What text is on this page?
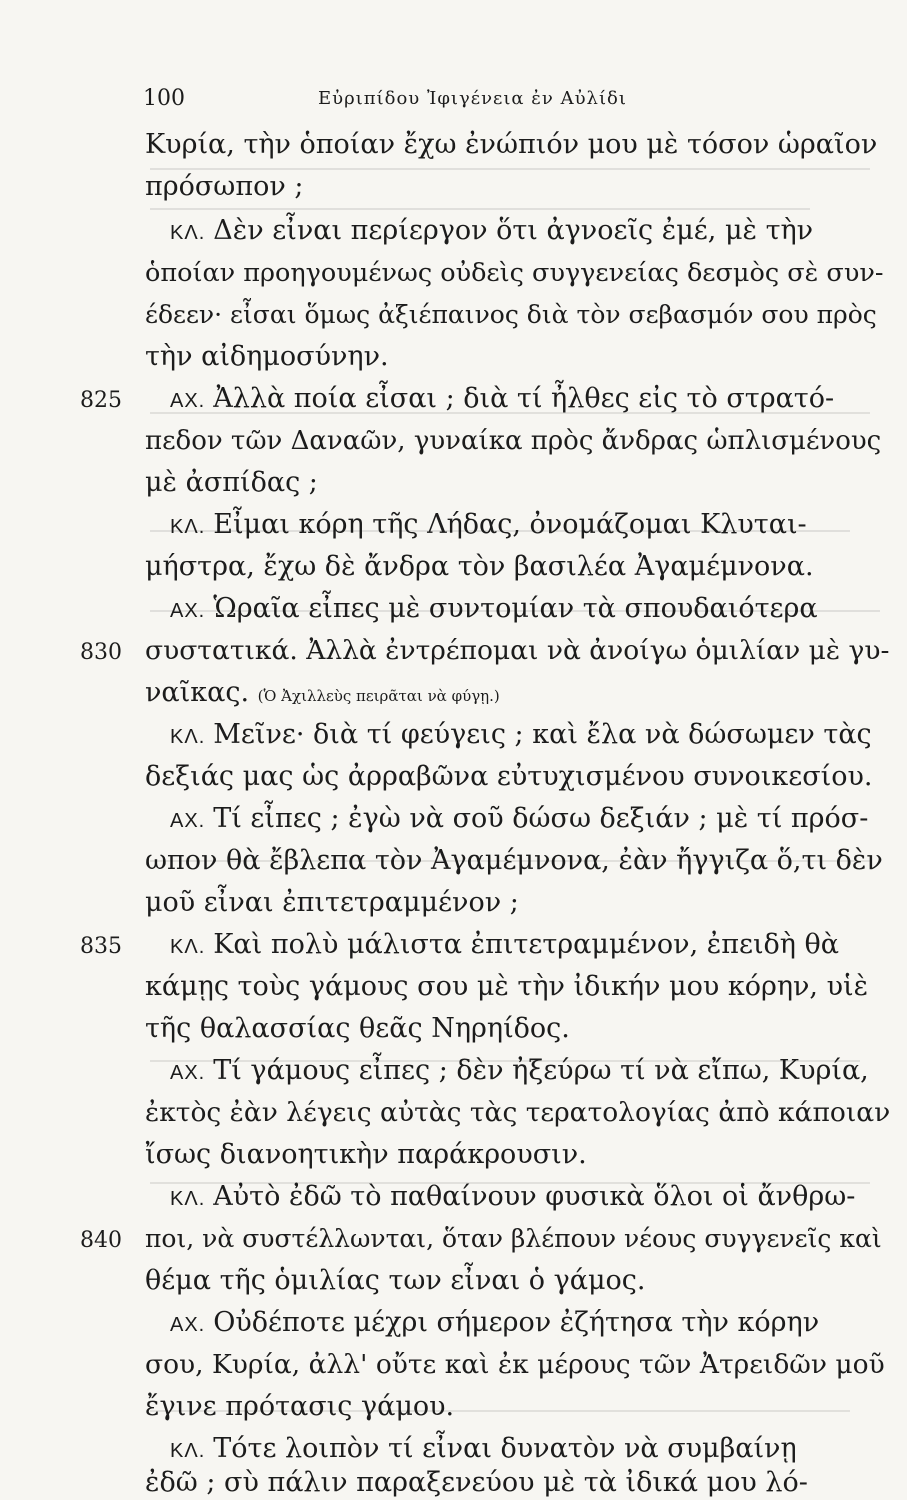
100	Εὐριπίδου Ἰφιγένεια ἐν Αὐλίδι
Κυρία, τὴν ὁποίαν ἔχω ἐνώπιόν μου μὲ τόσον ὡραῖον
πρόσωπον ;
ΚΛ. Δὲν εἶναι περίεργον ὅτι ἀγνοεῖς ἐμέ, μὲ τὴν
ὁποίαν προηγουμένως οὐδεὶς συγγενείας δεσμὸς σὲ συν-
έδεεν· εἶσαι ὅμως ἀξιέπαινος διὰ τὸν σεβασμόν σου πρὸς
τὴν αἰδημοσύνην.
825 ΑΧ. Ἀλλὰ ποία εἶσαι ; διὰ τί ἦλθες εἰς τὸ στρατό-
πεδον τῶν Δαναῶν, γυναίκα πρὸς ἄνδρας ὡπλισμένους
μὲ ἀσπίδας ;
ΚΛ. Εἶμαι κόρη τῆς Λήδας, ὀνομάζομαι Κλυται-
μήστρα, ἔχω δὲ ἄνδρα τὸν βασιλέα Ἀγαμέμνονα.
ΑΧ. Ὡραῖα εἶπες μὲ συντομίαν τὰ σπουδαιότερα
830 συστατικά. Ἀλλὰ ἐντρέπομαι νὰ ἀνοίγω ὁμιλίαν μὲ γυ-
ναῖκας. (Ὁ Ἀχιλλεὺς πειρᾶται νὰ φύγῃ.)
ΚΛ. Μεῖνε· διὰ τί φεύγεις ; καὶ ἔλα νὰ δώσωμεν τὰς
δεξιάς μας ὡς ἀρραβῶνα εὐτυχισμένου συνοικεσίου.
ΑΧ. Τί εἶπες ; ἐγὼ νὰ σοῦ δώσω δεξιάν ; μὲ τί πρόσ-
ωπον θὰ ἔβλεπα τὸν Ἀγαμέμνονα, ἐὰν ἤγγιζα ὅ,τι δὲν
μοῦ εἶναι ἐπιτετραμμένον ;
835 ΚΛ. Καὶ πολὺ μάλιστα ἐπιτετραμμένον, ἐπειδὴ θὰ
κάμῃς τοὺς γάμους σου μὲ τὴν ἰδικήν μου κόρην, υἱὲ
τῆς θαλασσίας θεᾶς Νηρηίδος.
ΑΧ. Τί γάμους εἶπες ; δὲν ἠξεύρω τί νὰ εἴπω, Κυρία,
ἐκτὸς ἐὰν λέγεις αὐτὰς τὰς τερατολογίας ἀπὸ κάποιαν
ἴσως διανοητικὴν παράκρουσιν.
ΚΛ. Αὐτὸ ἐδῶ τὸ παθαίνουν φυσικὰ ὅλοι οἱ ἄνθρω-
840 ποι, νὰ συστέλλωνται, ὅταν βλέπουν νέους συγγενεῖς καὶ
θέμα τῆς ὁμιλίας των εἶναι ὁ γάμος.
ΑΧ. Οὐδέποτε μέχρι σήμερον ἐζήτησα τὴν κόρην
σου, Κυρία, ἀλλ' οὔτε καὶ ἐκ μέρους τῶν Ἀτρειδῶν μοῦ
ἔγινε πρότασις γάμου.
ΚΛ. Τότε λοιπὸν τί εἶναι δυνατὸν νὰ συμβαίνῃ
ἐδῶ ; σὺ πάλιν παραξενεύου μὲ τὰ ἰδικά μου λό-
